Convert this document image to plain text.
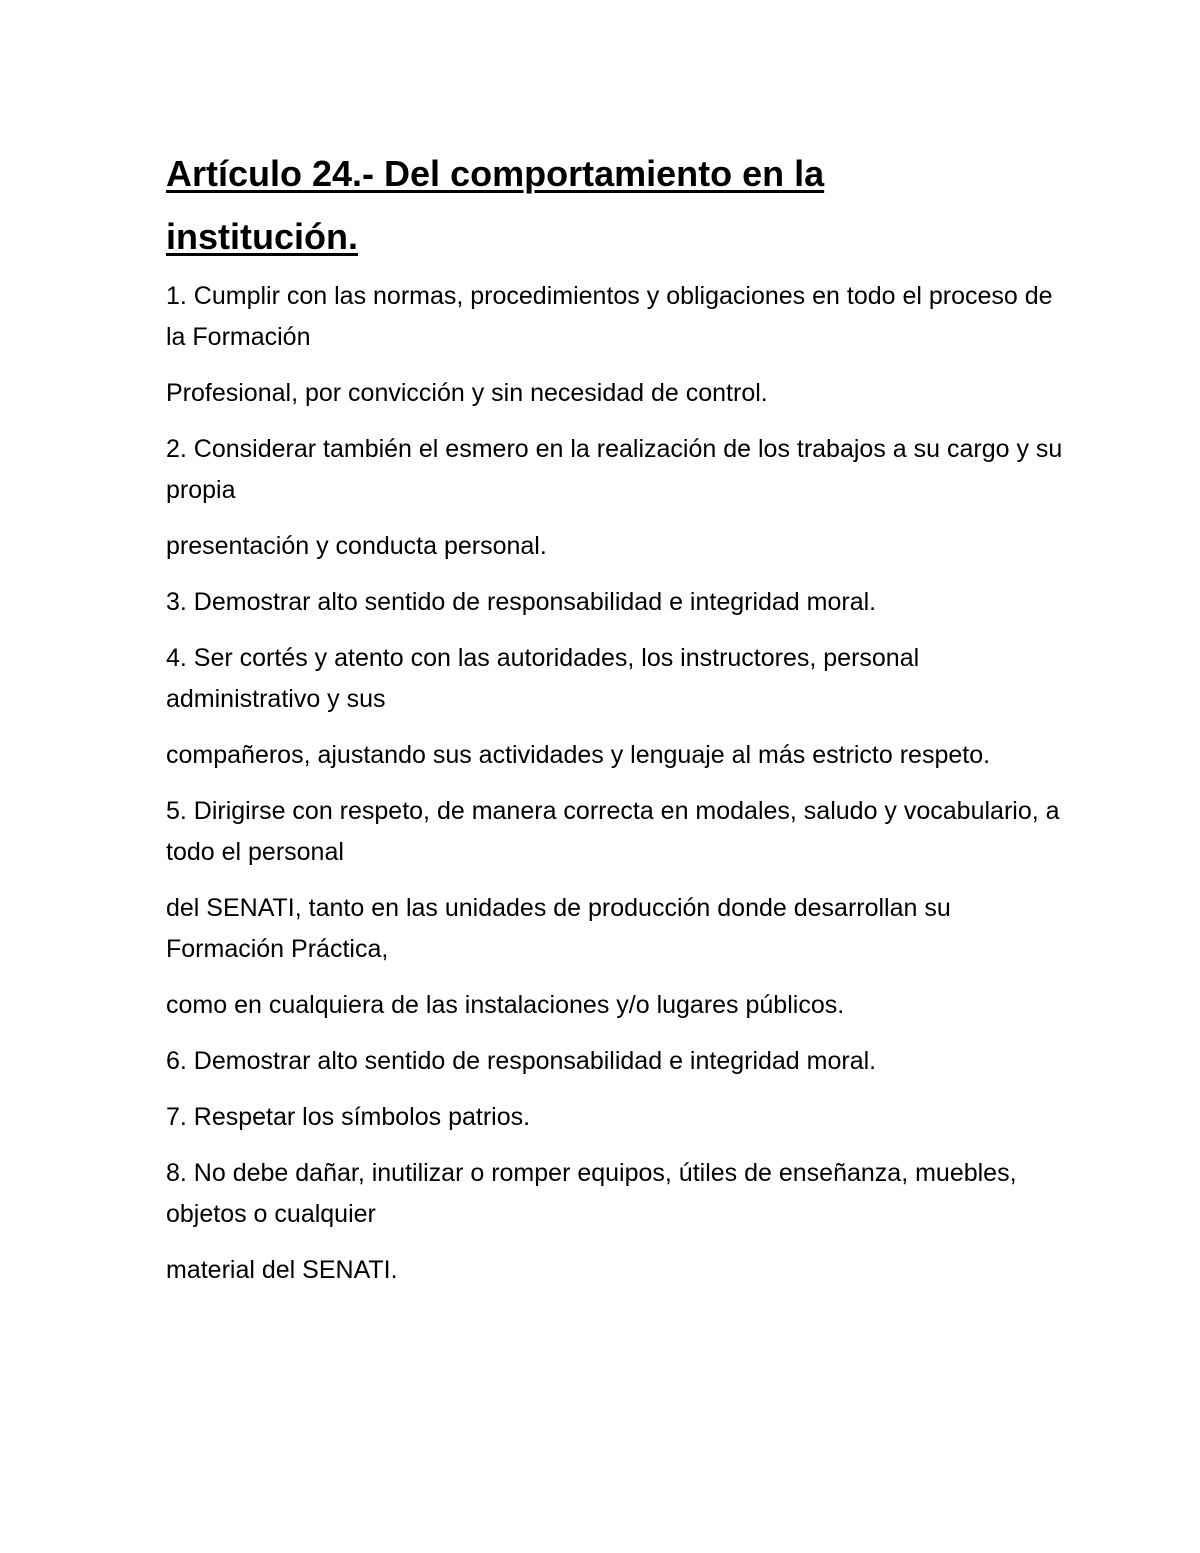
Artículo 24.- Del comportamiento en la
institución.

1. Cumplir con las normas, procedimientos y obligaciones en todo el proceso de la Formación

Profesional, por convicción y sin necesidad de control.

2. Considerar también el esmero en la realización de los trabajos a su cargo y su propia

presentación y conducta personal.

3. Demostrar alto sentido de responsabilidad e integridad moral.

4. Ser cortés y atento con las autoridades, los instructores, personal administrativo y sus

compañeros, ajustando sus actividades y lenguaje al más estricto respeto.

5. Dirigirse con respeto, de manera correcta en modales, saludo y vocabulario, a todo el personal

del SENATI, tanto en las unidades de producción donde desarrollan su Formación Práctica,

como en cualquiera de las instalaciones y/o lugares públicos.

6. Demostrar alto sentido de responsabilidad e integridad moral.

7. Respetar los símbolos patrios.

8. No debe dañar, inutilizar o romper equipos, útiles de enseñanza, muebles, objetos o cualquier

material del SENATI.
